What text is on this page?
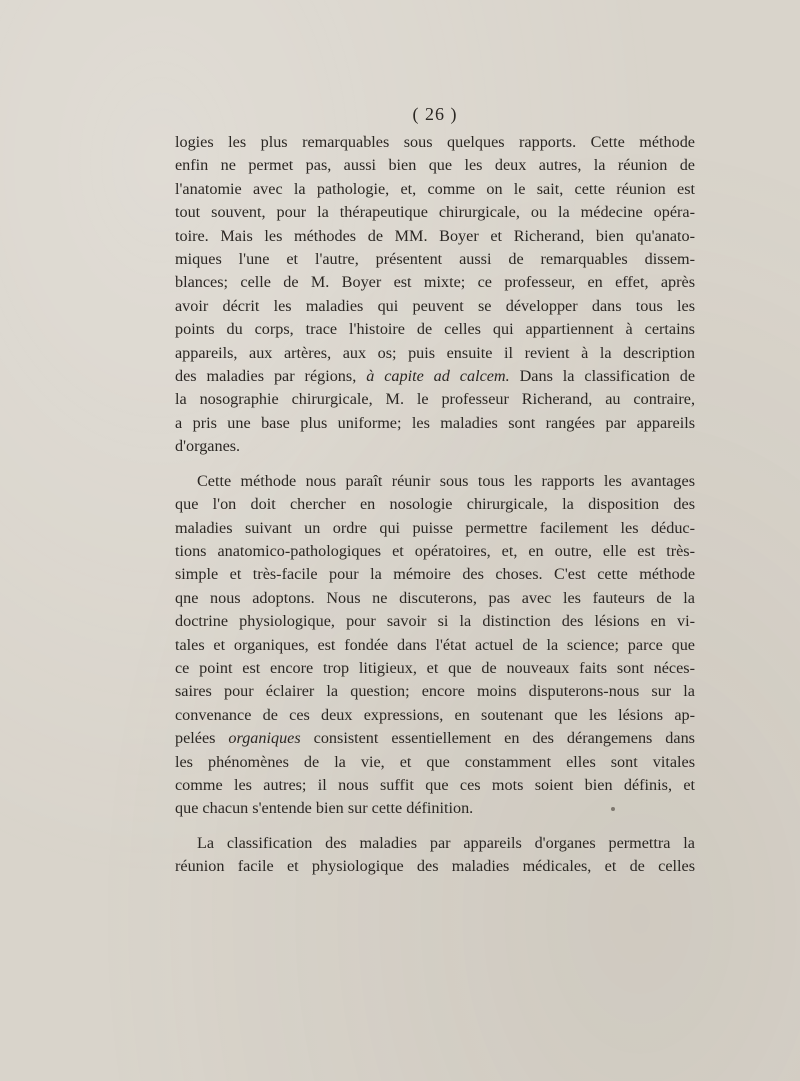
( 26 )
logies les plus remarquables sous quelques rapports. Cette méthode
enfin ne permet pas, aussi bien que les deux autres, la réunion de
l'anatomie avec la pathologie, et, comme on le sait, cette réunion est
tout souvent, pour la thérapeutique chirurgicale, ou la médecine opéra-
toire. Mais les méthodes de MM. Boyer et Richerand, bien qu'anato-
miques l'une et l'autre, présentent aussi de remarquables dissem-
blances; celle de M. Boyer est mixte; ce professeur, en effet, après
avoir décrit les maladies qui peuvent se développer dans tous les
points du corps, trace l'histoire de celles qui appartiennent à certains
appareils, aux artères, aux os; puis ensuite il revient à la description
des maladies par régions, à capite ad calcem. Dans la classification de
la nosographie chirurgicale, M. le professeur Richerand, au contraire,
a pris une base plus uniforme; les maladies sont rangées par appareils
d'organes.
Cette méthode nous paraît réunir sous tous les rapports les avantages
que l'on doit chercher en nosologie chirurgicale, la disposition des
maladies suivant un ordre qui puisse permettre facilement les déduc-
tions anatomico-pathologiques et opératoires, et, en outre, elle est très-
simple et très-facile pour la mémoire des choses. C'est cette méthode
qne nous adoptons. Nous ne discuterons, pas avec les fauteurs de la
doctrine physiologique, pour savoir si la distinction des lésions en vi-
tales et organiques, est fondée dans l'état actuel de la science; parce que
ce point est encore trop litigieux, et que de nouveaux faits sont néces-
saires pour éclairer la question; encore moins disputerons-nous sur la
convenance de ces deux expressions, en soutenant que les lésions ap-
pelées organiques consistent essentiellement en des dérangemens dans
les phénomènes de la vie, et que constamment elles sont vitales
comme les autres; il nous suffit que ces mots soient bien définis, et
que chacun s'entende bien sur cette définition.
La classification des maladies par appareils d'organes permettra la
réunion facile et physiologique des maladies médicales, et de celles
